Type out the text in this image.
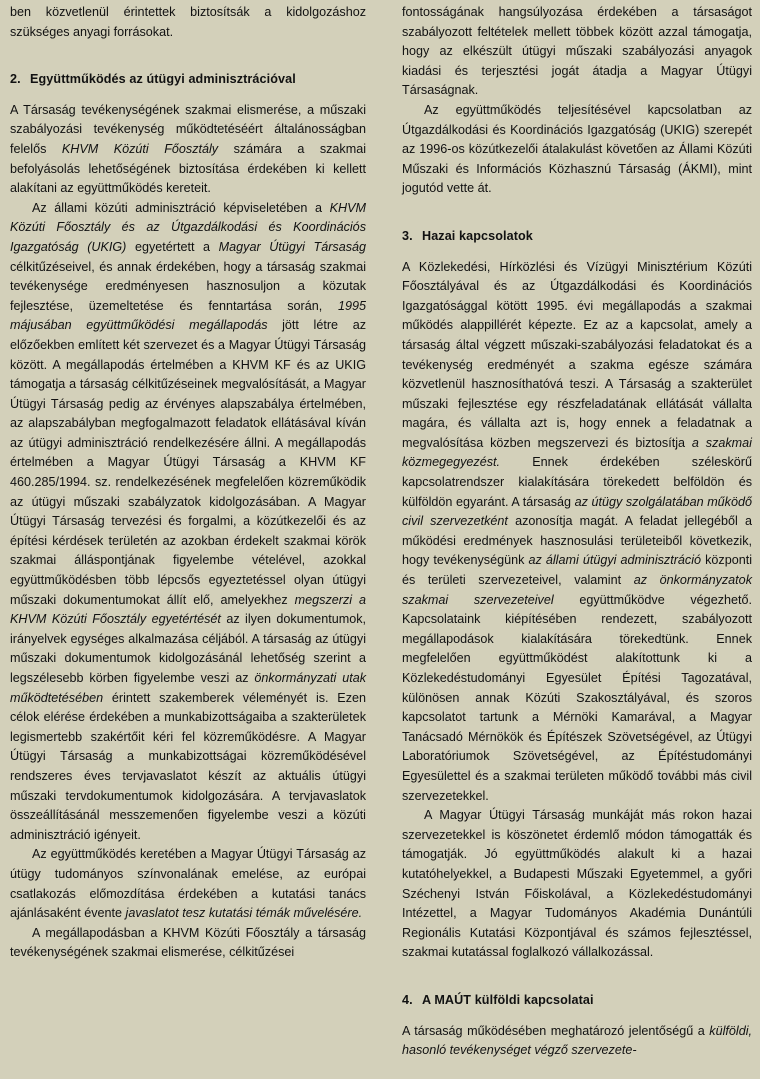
ben közvetlenül érintettek biztosítsák a kidolgozáshoz szükséges anyagi forrásokat.

2. Együttműködés az útügyi adminisztrációval

A Társaság tevékenységének szakmai elismerése, a műszaki szabályozási tevékenység működtetéséért általánosságban felelős KHVM Közúti Főosztály számára a szakmai befolyásolás lehetőségének biztosítása érdekében ki kellett alakítani az együttműködés kereteit.

Az állami közúti adminisztráció képviseletében a KHVM Közúti Főosztály és az Útgazdálkodási és Koordinációs Igazgatóság (UKIG) egyetértett a Magyar Útügyi Társaság célkitűzéseivel, és annak érdekében, hogy a társaság szakmai tevékenysége eredményesen hasznosuljon a közutak fejlesztése, üzemeltetése és fenntartása során, 1995 májusában együttműködési megállapodás jött létre az előzőekben említett két szervezet és a Magyar Útügyi Társaság között. A megállapodás értelmében a KHVM KF és az UKIG támogatja a társaság célkitűzéseinek megvalósítását, a Magyar Útügyi Társaság pedig az érvényes alapszabálya értelmében, az alapszabályban megfogalmazott feladatok ellátásával kíván az útügyi adminisztráció rendelkezésére állni. A megállapodás értelmében a Magyar Útügyi Társaság a KHVM KF 460.285/1994. sz. rendelkezésének megfelelően közreműködik az útügyi műszaki szabályzatok kidolgozásában. A Magyar Útügyi Társaság tervezési és forgalmi, a közútkezelői és az építési kérdések területén az azokban érdekelt szakmai körök szakmai álláspontjának figyelembe vételével, azokkal együttműködésben több lépcsős egyeztetéssel olyan útügyi műszaki dokumentumokat állít elő, amelyekhez megszerzi a KHVM Közúti Főosztály egyetértését az ilyen dokumentumok, irányelvek egységes alkalmazása céljából. A társaság az útügyi műszaki dokumentumok kidolgozásánál lehetőség szerint a legszélesebb körben figyelembe veszi az önkormányzati utak működtetésében érintett szakemberek véleményét is. Ezen célok elérése érdekében a munkabizottságaiba a szakterületek legismertebb szakértőit kéri fel közreműködésre. A Magyar Útügyi Társaság a munkabizottságai közreműködésével rendszeres éves tervjavaslatot készít az aktuális útügyi műszaki tervdokumentumok kidolgozására. A tervjavaslatok összeállításánál messzemenően figyelembe veszi a közúti adminisztráció igényeit.

Az együttműködés keretében a Magyar Útügyi Társaság az útügy tudományos színvonalának emelése, az európai csatlakozás előmozdítása érdekében a kutatási tanács ajánlásaként évente javaslatot tesz kutatási témák művelésére.

A megállapodásban a KHVM Közúti Főosztály a társaság tevékenységének szakmai elismerése, célkitűzései

fontosságának hangsúlyozása érdekében a társaságot szabályozott feltételek mellett többek között azzal támogatja, hogy az elkészült útügyi műszaki szabályozási anyagok kiadási és terjesztési jogát átadja a Magyar Útügyi Társaságnak.

Az együttműködés teljesítésével kapcsolatban az Útgazdálkodási és Koordinációs Igazgatóság (UKIG) szerepét az 1996-os közútkezelői átalakulást követően az Állami Közúti Műszaki és Információs Közhasznú Társaság (ÁKMI), mint jogutód vette át.

3. Hazai kapcsolatok

A Közlekedési, Hírközlési és Vízügyi Minisztérium Közúti Főosztályával és az Útgazdálkodási és Koordinációs Igazgatósággal kötött 1995. évi megállapodás a szakmai működés alappillérét képezte. Ez az a kapcsolat, amely a társaság által végzett műszaki-szabályozási feladatokat és a tevékenység eredményét a szakma egésze számára közvetlenül hasznosíthatóvá teszi. A Társaság a szakterület műszaki fejlesztése egy részfeladatának ellátását vállalta magára, és vállalta azt is, hogy ennek a feladatnak a megvalósítása közben megszervezi és biztosítja a szakmai közmegegyezést. Ennek érdekében széleskörű kapcsolatrendszer kialakítására törekedett belföldön és külföldön egyaránt. A társaság az útügy szolgálatában működő civil szervezetként azonosítja magát. A feladat jellegéből a működési eredmények hasznosulási területeiből következik, hogy tevékenységünk az állami útügyi adminisztráció központi és területi szervezeteivel, valamint az önkormányzatok szakmai szervezeteivel együttműködve végezhető. Kapcsolataink kiépítésében rendezett, szabályozott megállapodások kialakítására törekedtünk. Ennek megfelelően együttműködést alakítottunk ki a Közlekedéstudományi Egyesület Építési Tagozatával, különösen annak Közúti Szakosztályával, és szoros kapcsolatot tartunk a Mérnöki Kamarával, a Magyar Tanácsadó Mérnökök és Építészek Szövetségével, az Útügyi Laboratóriumok Szövetségével, az Építéstudományi Egyesülettel és a szakmai területen működő további más civil szervezetekkel.

A Magyar Útügyi Társaság munkáját más rokon hazai szervezetekkel is köszönetet érdemlő módon támogatták és támogatják. Jó együttműködés alakult ki a hazai kutatóhelyekkel, a Budapesti Műszaki Egyetemmel, a győri Széchenyi István Főiskolával, a Közlekedéstudományi Intézettel, a Magyar Tudományos Akadémia Dunántúli Regionális Kutatási Központjával és számos fejlesztéssel, szakmai kutatással foglalkozó vállalkozással.

4. A MAÚT külföldi kapcsolatai

A társaság működésében meghatározó jelentőségű a külföldi, hasonló tevékenységet végző szervezete-
